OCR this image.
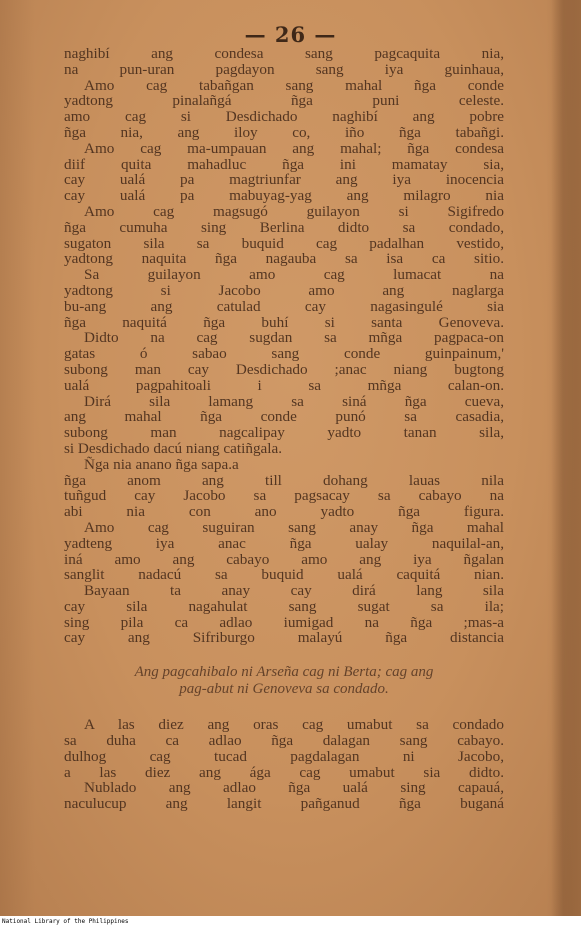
— 26 —
naghibí ang condesa sang pagcaquita nia,
na pun-uran pagdayon sang iya guinhaua,
Amo cag tabañgan sang mahal ñga conde
yadtong pinalañgá ñga puni celeste.
amo cag si Desdichado naghibí ang pobre
ñga nia, ang iloy co, iño ñga tabañgi.
Amo cag ma-umpauan ang mahal; ñga condesa
diif quita mahadluc ñga ini mamatay sia,
cay ualá pa magtriunfar ang iya inocencia
cay ualá pa mabuyag-yag ang milagro nia
Amo cag magsugó guilayon si Sigifredo
ñga cumuha sing Berlina didto sa condado,
sugaton sila sa buquid cag padalhan vestido,
yadtong naquita ñga nagauba sa isa ca sitio.
Sa guilayon amo cag lumacat na
yadtong si Jacobo amo ang naglarga
bu-ang ang catulad cay nagasingulé sia
ñga naquitá ñga buhí si santa Genoveva.
Didto na cag sugdan sa mñga pagpaca-on
gatas ó sabao sang conde guinpainum,'
subong man cay Desdichado ;anac niang bugtong
ualá pagpahitoali i sa mñga calan-on.
Dirá sila lamang sa siná ñga cueva,
ang mahal ñga conde punó sa casadia,
subong man nagcalipay yadto tanan sila,
si Desdichado dacú niang catiñgala.
Ñga nia anano ñga sapa.a
ñga anom ang till dohang lauas nila
tuñgud cay Jacobo sa pagsacay sa cabayo na
abi nia con ano yadto ñga figura.
Amo cag suguiran sang anay ñga mahal
yadteng iya anac ñga ualay naquilal-an,
iná amo ang cabayo amo ang iya ñgalan
sanglit nadacú sa buquid ualá caquitá nian.
Bayaan ta anay cay dirá lang sila
cay sila nagahulat sang sugat sa ila;
sing pila ca adlao iumigad na ñga ;mas-a
cay ang Sifriburgo malayú ñga distancia
Ang pagcahibalo ni Arseña cag ni Berta; cag ang
pag-abut ni Genoveva sa condado.
A las diez ang oras cag umabut sa condado
sa duha ca adlao ñga dalagan sang cabayo.
dulhog cag tucad pagdalagan ni Jacobo,
a las diez ang ága cag umabut sia didto.
Nublado ang adlao ñga ualá sing capauá,
naculucup ang langit pañganud ñga buganá
National Library of the Philippines
